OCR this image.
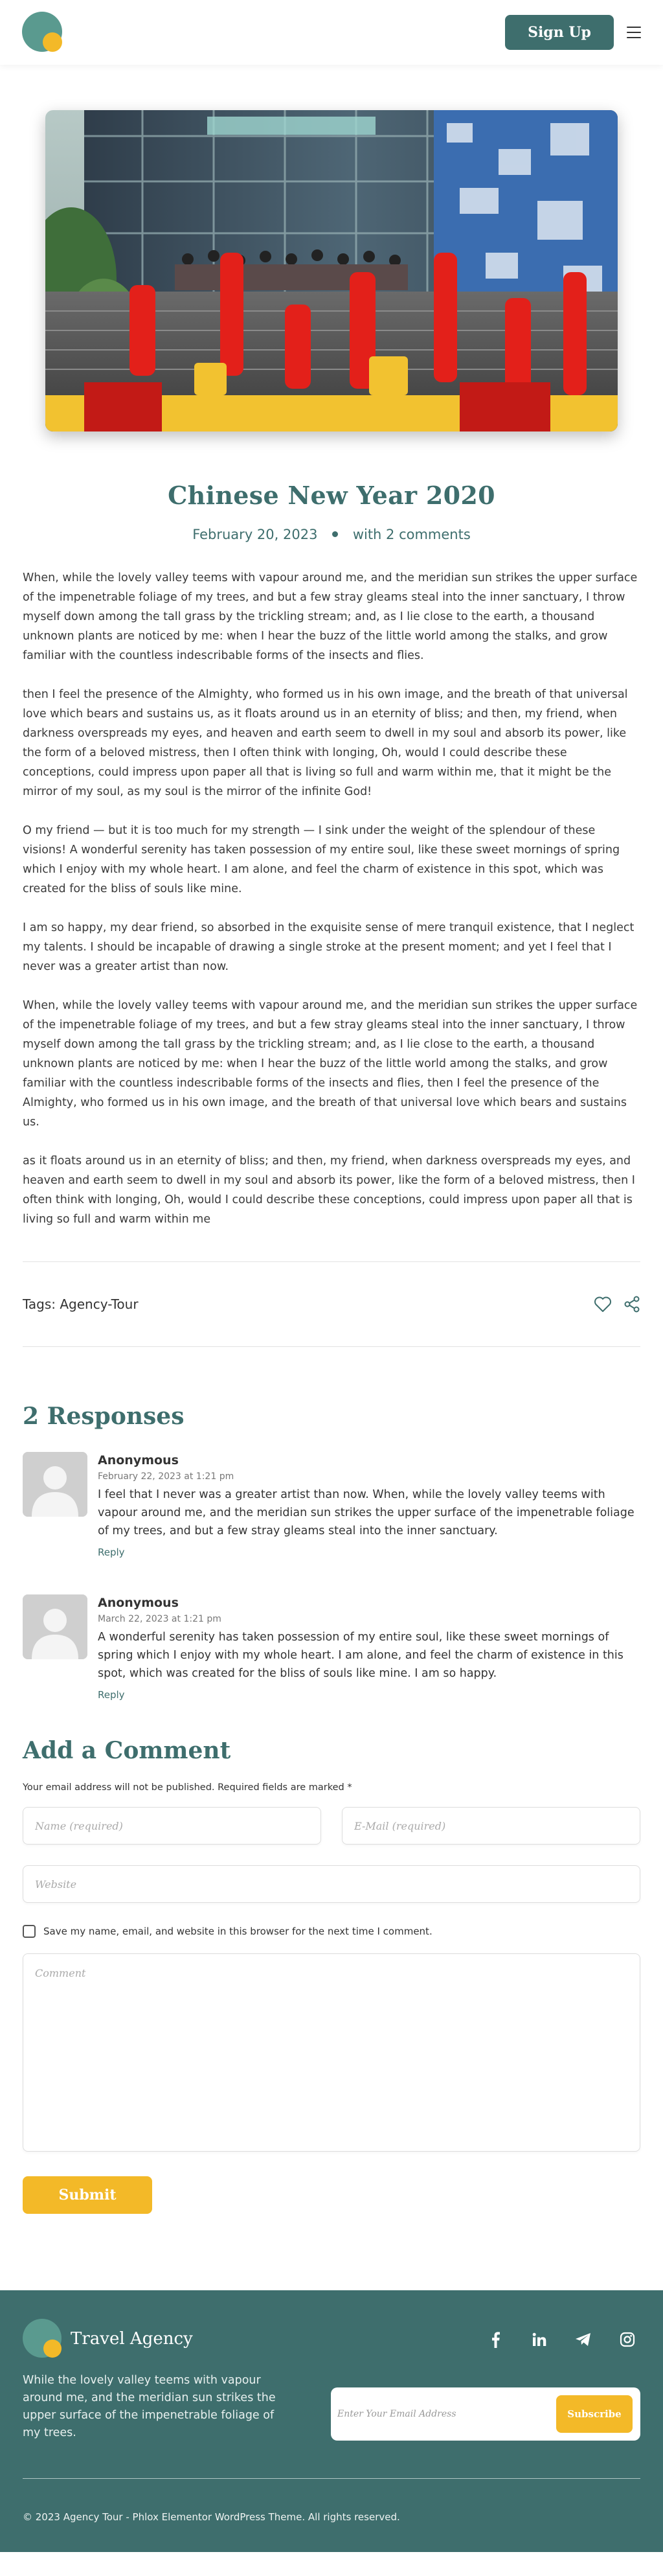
Sign Up
Chinese New Year 2020
February 20, 2023	with 2 comments

When, while the lovely valley teems with vapour around me, and the meridian sun strikes the upper surface of the impenetrable foliage of my trees, and but a few stray gleams steal into the inner sanctuary, I throw myself down among the tall grass by the trickling stream; and, as I lie close to the earth, a thousand unknown plants are noticed by me: when I hear the buzz of the little world among the stalks, and grow familiar with the countless indescribable forms of the insects and flies.

then I feel the presence of the Almighty, who formed us in his own image, and the breath of that universal love which bears and sustains us, as it floats around us in an eternity of bliss; and then, my friend, when darkness overspreads my eyes, and heaven and earth seem to dwell in my soul and absorb its power, like the form of a beloved mistress, then I often think with longing, Oh, would I could describe these conceptions, could impress upon paper all that is living so full and warm within me, that it might be the mirror of my soul, as my soul is the mirror of the infinite God!

O my friend — but it is too much for my strength — I sink under the weight of the splendour of these visions! A wonderful serenity has taken possession of my entire soul, like these sweet mornings of spring which I enjoy with my whole heart. I am alone, and feel the charm of existence in this spot, which was created for the bliss of souls like mine.

I am so happy, my dear friend, so absorbed in the exquisite sense of mere tranquil existence, that I neglect my talents. I should be incapable of drawing a single stroke at the present moment; and yet I feel that I never was a greater artist than now.

When, while the lovely valley teems with vapour around me, and the meridian sun strikes the upper surface of the impenetrable foliage of my trees, and but a few stray gleams steal into the inner sanctuary, I throw myself down among the tall grass by the trickling stream; and, as I lie close to the earth, a thousand unknown plants are noticed by me: when I hear the buzz of the little world among the stalks, and grow familiar with the countless indescribable forms of the insects and flies, then I feel the presence of the Almighty, who formed us in his own image, and the breath of that universal love which bears and sustains us.

as it floats around us in an eternity of bliss; and then, my friend, when darkness overspreads my eyes, and heaven and earth seem to dwell in my soul and absorb its power, like the form of a beloved mistress, then I often think with longing, Oh, would I could describe these conceptions, could impress upon paper all that is living so full and warm within me

Tags: Agency-Tour
2 Responses
Anonymous
February 22, 2023 at 1:21 pm
I feel that I never was a greater artist than now. When, while the lovely valley teems with vapour around me, and the meridian sun strikes the upper surface of the impenetrable foliage of my trees, and but a few stray gleams steal into the inner sanctuary.
Reply
Anonymous
March 22, 2023 at 1:21 pm
A wonderful serenity has taken possession of my entire soul, like these sweet mornings of spring which I enjoy with my whole heart. I am alone, and feel the charm of existence in this spot, which was created for the bliss of souls like mine. I am so happy.
Reply
Add a Comment

Your email address will not be published. Required fields are marked *

Name (required)
E-Mail (required)
Website
Save my name, email, and website in this browser for the next time I comment.
Comment Submit
Travel Agency

While the lovely valley teems with vapour around me, and the meridian sun strikes the upper surface of the impenetrable foliage of my trees.

Enter Your Email Address
Subscribe

© 2023 Agency Tour - Phlox Elementor WordPress Theme. All rights reserved.
